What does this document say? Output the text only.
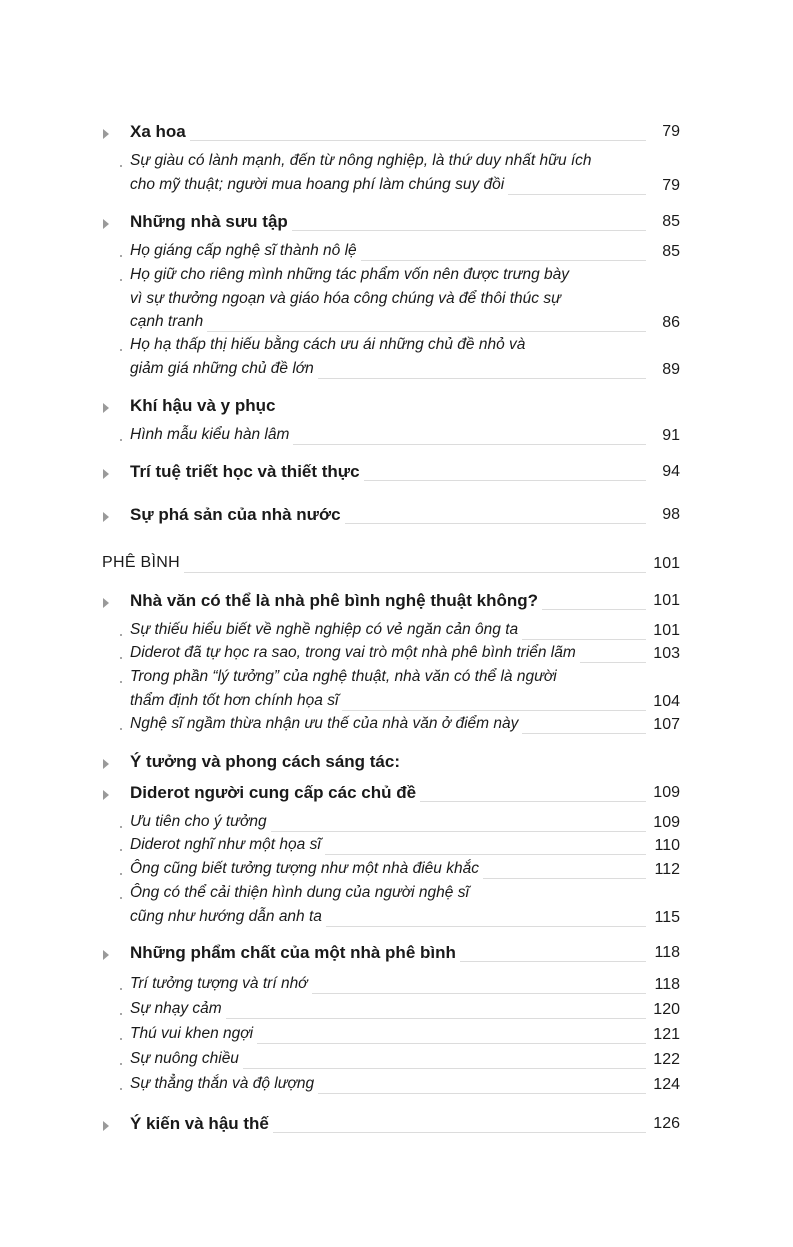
Xa hoa	79
Sự giàu có lành mạnh, đến từ nông nghiệp, là thứ duy nhất hữu ích
cho mỹ thuật; người mua hoang phí làm chúng suy đồi	79
Những nhà sưu tập	85
Họ giáng cấp nghệ sĩ thành nô lệ	85
Họ giữ cho riêng mình những tác phẩm vốn nên được trưng bày
vì sự thưởng ngoạn và giáo hóa công chúng và để thôi thúc sự
cạnh tranh	86
Họ hạ thấp thị hiếu bằng cách ưu ái những chủ đề nhỏ và
giảm giá những chủ đề lớn	89
Khí hậu và y phục
Hình mẫu kiểu hàn lâm	91
Trí tuệ triết học và thiết thực	94
Sự phá sản của nhà nước	98
PHÊ BÌNH	101
Nhà văn có thể là nhà phê bình nghệ thuật không?	101
Sự thiếu hiểu biết về nghề nghiệp có vẻ ngăn cản ông ta	101
Diderot đã tự học ra sao, trong vai trò một nhà phê bình triển lãm	103
Trong phần “lý tưởng” của nghệ thuật, nhà văn có thể là người
thẩm định tốt hơn chính họa sĩ	104
Nghệ sĩ ngầm thừa nhận ưu thế của nhà văn ở điểm này	107
Ý tưởng và phong cách sáng tác:
Diderot người cung cấp các chủ đề	109
Ưu tiên cho ý tưởng	109
Diderot nghĩ như một họa sĩ	110
Ông cũng biết tưởng tượng như một nhà điêu khắc	112
Ông có thể cải thiện hình dung của người nghệ sĩ
cũng như hướng dẫn anh ta	115
Những phẩm chất của một nhà phê bình	118
Trí tưởng tượng và trí nhớ	118
Sự nhạy cảm	120
Thú vui khen ngợi	121
Sự nuông chiều	122
Sự thẳng thắn và độ lượng	124
Ý kiến và hậu thế	126
